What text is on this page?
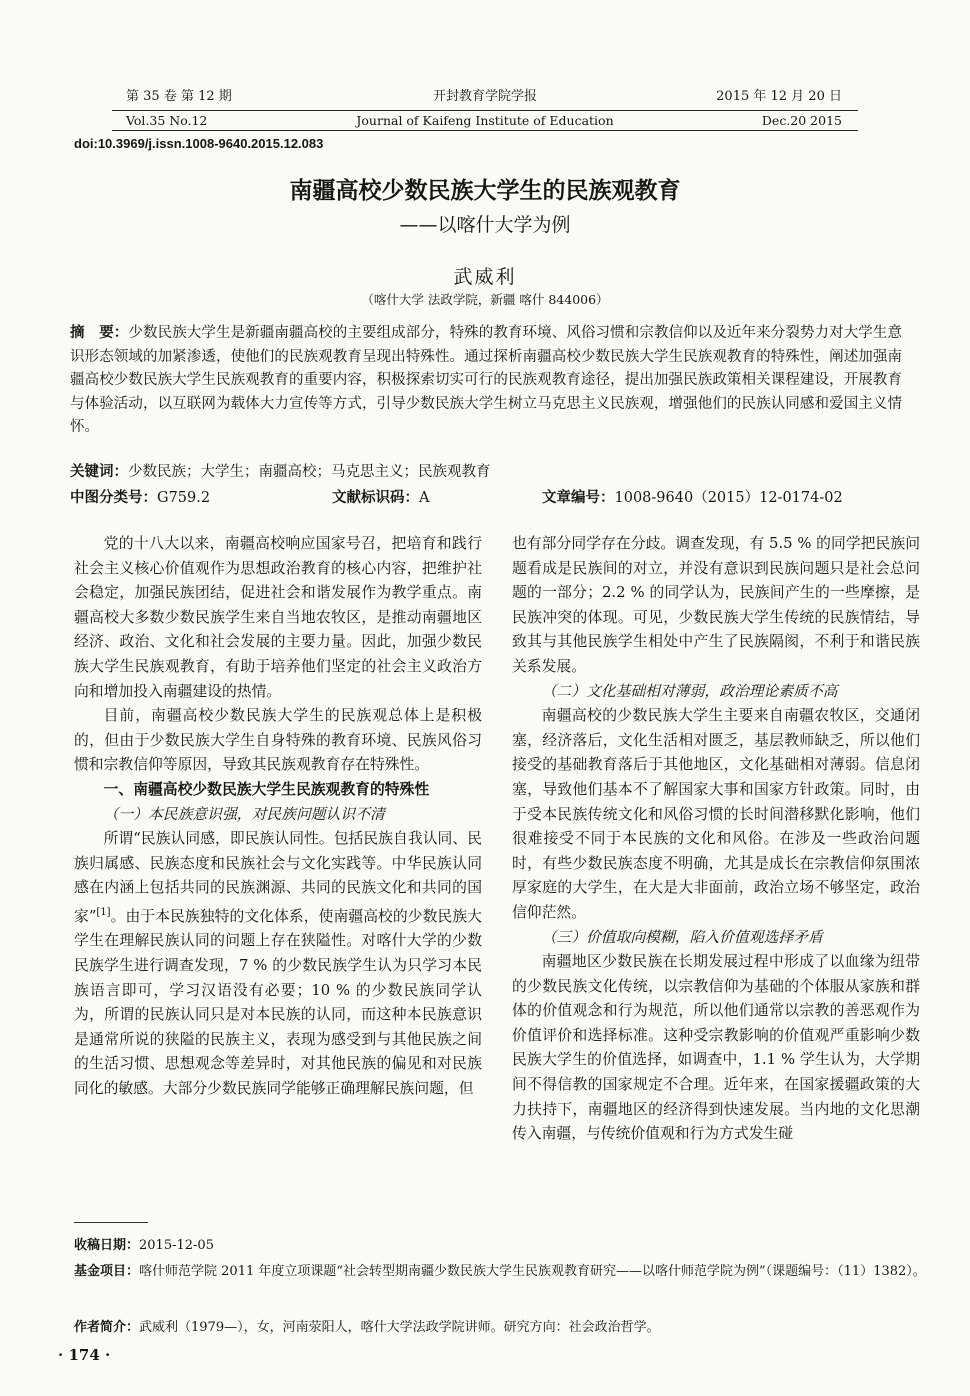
第 35 卷 第 12 期	开封教育学院学报	2015 年 12 月 20 日
Vol.35 No.12	Journal of Kaifeng Institute of Education	Dec.20 2015
doi:10.3969/j.issn.1008-9640.2015.12.083
南疆高校少数民族大学生的民族观教育
——以喀什大学为例
武威利
（喀什大学 法政学院，新疆 喀什 844006）
摘　要：少数民族大学生是新疆南疆高校的主要组成部分，特殊的教育环境、风俗习惯和宗教信仰以及近年来分裂势力对大学生意识形态领域的加紧渗透，使他们的民族观教育呈现出特殊性。通过探析南疆高校少数民族大学生民族观教育的特殊性，阐述加强南疆高校少数民族大学生民族观教育的重要内容，积极探索切实可行的民族观教育途径，提出加强民族政策相关课程建设，开展教育与体验活动，以互联网为载体大力宣传等方式，引导少数民族大学生树立马克思主义民族观，增强他们的民族认同感和爱国主义情怀。
关键词：少数民族；大学生；南疆高校；马克思主义；民族观教育
中图分类号：G759.2	文献标识码：A	文章编号：1008-9640（2015）12-0174-02

党的十八大以来，南疆高校响应国家号召，把培育和践行社会主义核心价值观作为思想政治教育的核心内容，把维护社会稳定，加强民族团结，促进社会和谐发展作为教学重点。南疆高校大多数少数民族学生来自当地农牧区，是推动南疆地区经济、政治、文化和社会发展的主要力量。因此，加强少数民族大学生民族观教育，有助于培养他们坚定的社会主义政治方向和增加投入南疆建设的热情。

目前，南疆高校少数民族大学生的民族观总体上是积极的，但由于少数民族大学生自身特殊的教育环境、民族风俗习惯和宗教信仰等原因，导致其民族观教育存在特殊性。

一、南疆高校少数民族大学生民族观教育的特殊性
（一）本民族意识强，对民族问题认识不清

所谓“民族认同感，即民族认同性。包括民族自我认同、民族归属感、民族态度和民族社会与文化实践等。中华民族认同感在内涵上包括共同的民族渊源、共同的民族文化和共同的国家”[1]。由于本民族独特的文化体系，使南疆高校的少数民族大学生在理解民族认同的问题上存在狭隘性。对喀什大学的少数民族学生进行调查发现，7 % 的少数民族学生认为只学习本民族语言即可，学习汉语没有必要；10 % 的少数民族同学认为，所谓的民族认同只是对本民族的认同，而这种本民族意识是通常所说的狭隘的民族主义，表现为感受到与其他民族之间的生活习惯、思想观念等差异时，对其他民族的偏见和对民族同化的敏感。大部分少数民族同学能够正确理解民族问题，但

也有部分同学存在分歧。调查发现，有 5.5 % 的同学把民族问题看成是民族间的对立，并没有意识到民族问题只是社会总问题的一部分；2.2 % 的同学认为，民族间产生的一些摩擦，是民族冲突的体现。可见，少数民族大学生传统的民族情结，导致其与其他民族学生相处中产生了民族隔阂，不利于和谐民族关系发展。

（二）文化基础相对薄弱，政治理论素质不高

南疆高校的少数民族大学生主要来自南疆农牧区，交通闭塞，经济落后，文化生活相对匮乏，基层教师缺乏，所以他们接受的基础教育落后于其他地区，文化基础相对薄弱。信息闭塞，导致他们基本不了解国家大事和国家方针政策。同时，由于受本民族传统文化和风俗习惯的长时间潜移默化影响，他们很难接受不同于本民族的文化和风俗。在涉及一些政治问题时，有些少数民族态度不明确，尤其是成长在宗教信仰氛围浓厚家庭的大学生，在大是大非面前，政治立场不够坚定，政治信仰茫然。

（三）价值取向模糊，陷入价值观选择矛盾

南疆地区少数民族在长期发展过程中形成了以血缘为纽带的少数民族文化传统，以宗教信仰为基础的个体服从家族和群体的价值观念和行为规范，所以他们通常以宗教的善恶观作为价值评价和选择标准。这种受宗教影响的价值观严重影响少数民族大学生的价值选择，如调查中，1.1 % 学生认为，大学期间不得信教的国家规定不合理。近年来，在国家援疆政策的大力扶持下，南疆地区的经济得到快速发展。当内地的文化思潮传入南疆，与传统价值观和行为方式发生碰

收稿日期：2015-12-05
基金项目：喀什师范学院 2011 年度立项课题“社会转型期南疆少数民族大学生民族观教育研究——以喀什师范学院为例”（课题编号：（11）1382）。
作者简介：武威利（1979—），女，河南荥阳人，喀什大学法政学院讲师。研究方向：社会政治哲学。
· 174 ·
